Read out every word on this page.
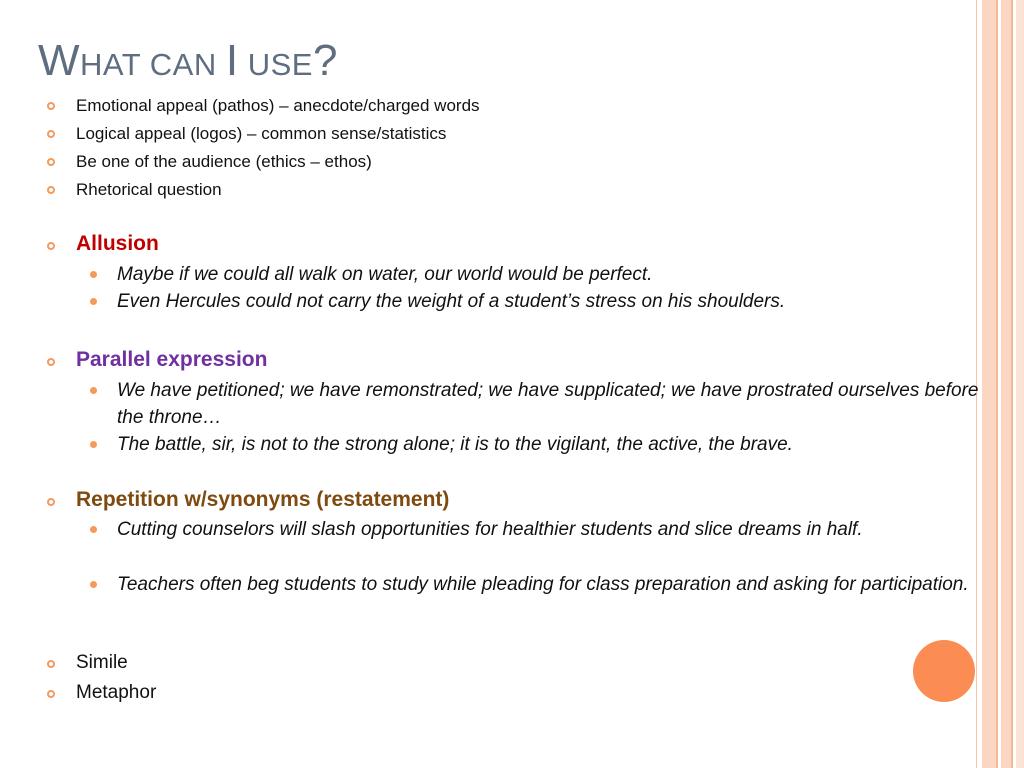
WHAT CAN I USE?
Emotional appeal (pathos) – anecdote/charged words
Logical appeal (logos) – common sense/statistics
Be one of the audience (ethics – ethos)
Rhetorical question
Allusion
Maybe if we could all walk on water, our world would be perfect.
Even Hercules could not carry the weight of a student’s stress on his shoulders.
Parallel expression
We have petitioned; we have remonstrated; we have supplicated; we have prostrated ourselves before the throne…
The battle, sir, is not to the strong alone; it is to the vigilant, the active, the brave.
Repetition w/synonyms (restatement)
Cutting counselors will slash opportunities for healthier students and slice dreams in half.
Teachers often beg students to study while pleading for class preparation and asking for participation.
Simile
Metaphor
